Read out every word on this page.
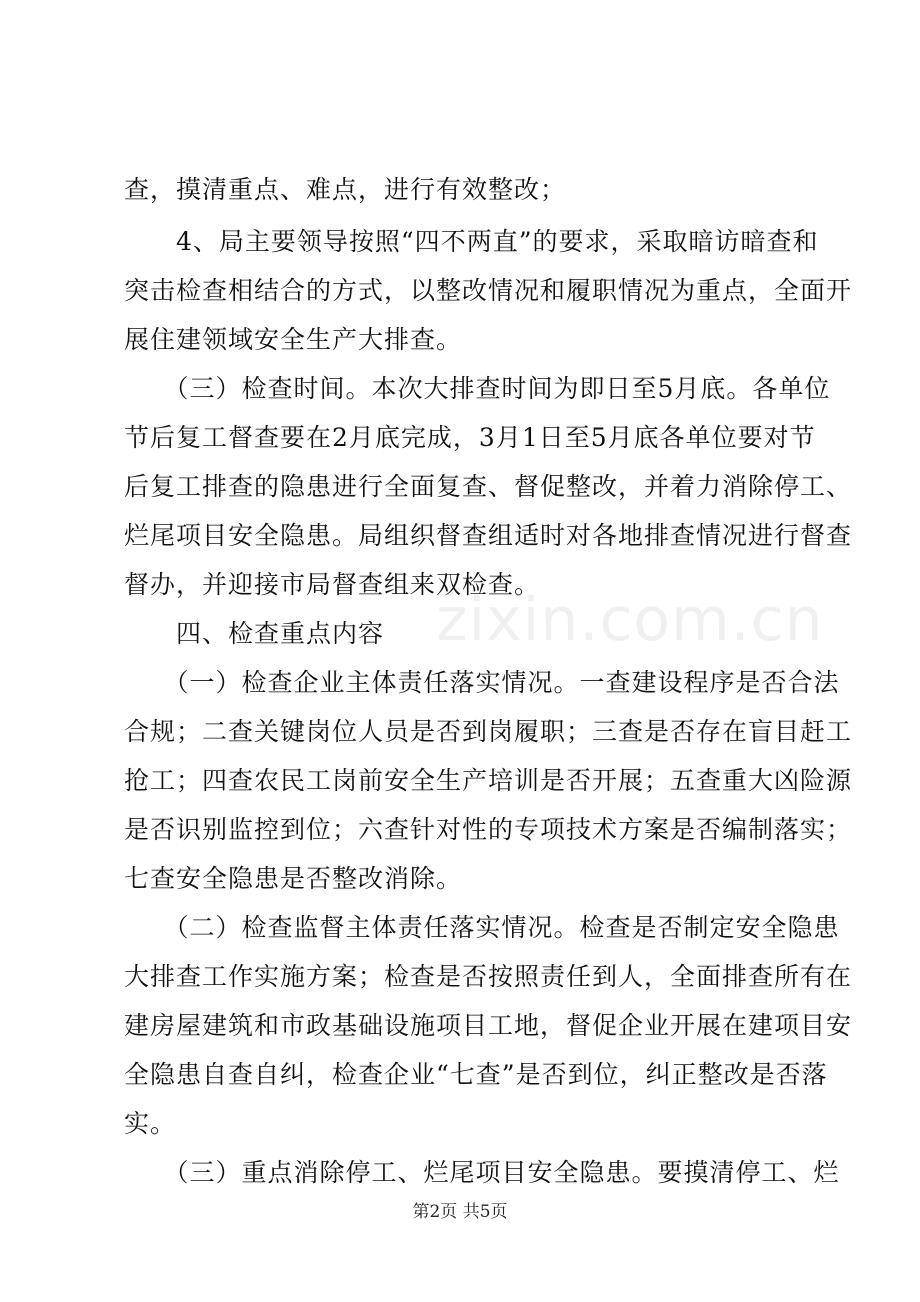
查，摸清重点、难点，进行有效整改；
　　4、局主要领导按照“四不两直”的要求，采取暗访暗查和
突击检查相结合的方式，以整改情况和履职情况为重点，全面开
展住建领域安全生产大排查。
　　（三）检查时间。本次大排查时间为即日至5月底。各单位
节后复工督查要在2月底完成，3月1日至5月底各单位要对节
后复工排查的隐患进行全面复查、督促整改，并着力消除停工、
烂尾项目安全隐患。局组织督查组适时对各地排查情况进行督查
督办，并迎接市局督查组来双检查。
　　四、检查重点内容
　　（一）检查企业主体责任落实情况。一查建设程序是否合法
合规；二查关键岗位人员是否到岗履职；三查是否存在盲目赶工
抢工；四查农民工岗前安全生产培训是否开展；五查重大凶险源
是否识别监控到位；六查针对性的专项技术方案是否编制落实；
七查安全隐患是否整改消除。
　　（二）检查监督主体责任落实情况。检查是否制定安全隐患
大排查工作实施方案；检查是否按照责任到人，全面排查所有在
建房屋建筑和市政基础设施项目工地，督促企业开展在建项目安
全隐患自查自纠，检查企业“七查”是否到位，纠正整改是否落
实。
　　（三）重点消除停工、烂尾项目安全隐患。要摸清停工、烂
zixin.com.cn
第2页 共5页
